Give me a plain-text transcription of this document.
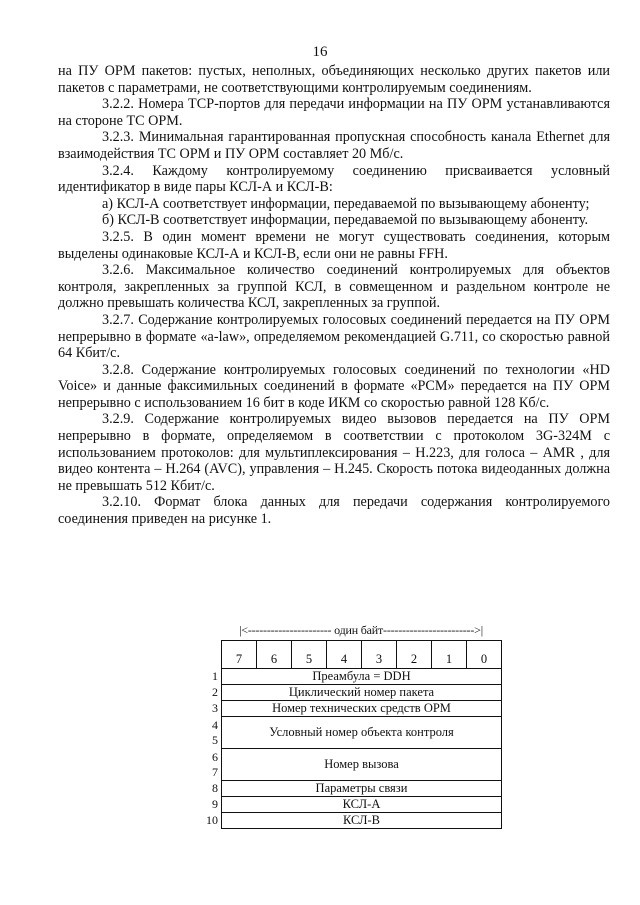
16

на ПУ ОРМ пакетов: пустых, неполных, объединяющих несколько других пакетов или пакетов с параметрами, не соответствующими контролируемым соединениям.

3.2.2. Номера TCP-портов для передачи информации на ПУ ОРМ устанавливаются на стороне ТС ОРМ.

3.2.3. Минимальная гарантированная пропускная способность канала Ethernet для взаимодействия ТС ОРМ и ПУ ОРМ составляет 20 Мб/с.

3.2.4. Каждому контролируемому соединению присваивается условный идентификатор в виде пары КСЛ-А и КСЛ-В:

а) КСЛ-А соответствует информации, передаваемой по вызывающему абоненту;

б) КСЛ-В соответствует информации, передаваемой по вызывающему абоненту.

3.2.5. В один момент времени не могут существовать соединения, которым выделены одинаковые КСЛ-А и КСЛ-В, если они не равны FFH.

3.2.6. Максимальное количество соединений контролируемых для объектов контроля, закрепленных за группой КСЛ, в совмещенном и раздельном контроле не должно превышать количества КСЛ, закрепленных за группой.

3.2.7. Содержание контролируемых голосовых соединений передается на ПУ ОРМ непрерывно в формате «a-law», определяемом рекомендацией G.711, со скоростью равной 64 Кбит/с.

3.2.8. Содержание контролируемых голосовых соединений по технологии «HD Voice» и данные факсимильных соединений в формате «PCM» передается на ПУ ОРМ непрерывно с использованием 16 бит в коде ИКМ со скоростью равной 128 Кб/с.

3.2.9. Содержание контролируемых видео вызовов передается на ПУ ОРМ непрерывно в формате, определяемом в соответствии с протоколом 3G-324M с использованием протоколов: для мультиплексирования – Н.223, для голоса – AMR , для видео контента – Н.264 (AVC), управления – Н.245. Скорость потока видеоданных должна не превышать 512 Кбит/с.

3.2.10. Формат блока данных для передачи содержания контролируемого соединения приведен на рисунке 1.

|<---------------------- один байт------------------------>|
	7	6	5	4	3	2	1	0

1	Преамбула = DDH							

2	Циклический номер пакета							

3	Номер технических средств ОРМ							

4
5	Условный номер объекта контроля							

6
7	Номер вызова							

8	Параметры связи							

9	КСЛ-А							

10	КСЛ-В							
